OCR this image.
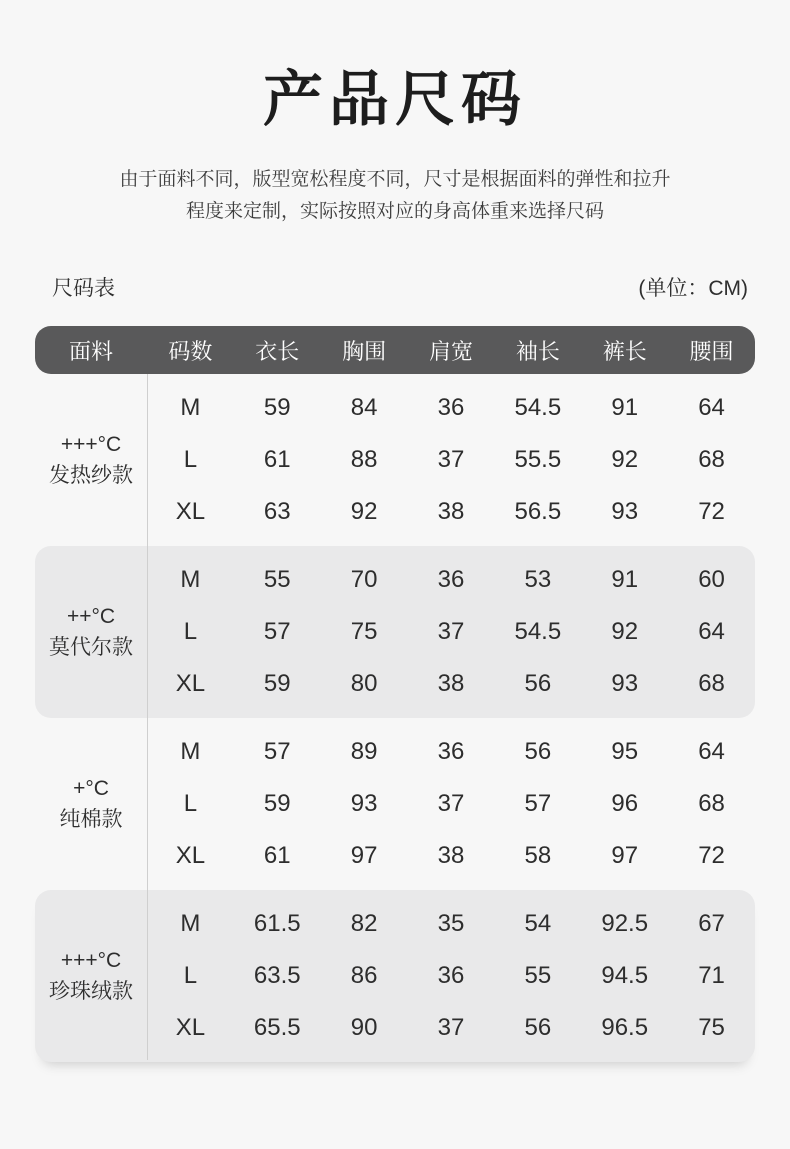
产品尺码

由于面料不同，版型宽松程度不同，尺寸是根据面料的弹性和拉升
程度来定制，实际按照对应的身高体重来选择尺码

尺码表	(单位：CM)
面料	码数	衣长	胸围	肩宽	袖长	裤长	腰围
+++°C
发热纱款
M	59	84	36	54.5	91	64
L	61	88	37	55.5	92	68
XL	63	92	38	56.5	93	72
++°C
莫代尔款
M	55	70	36	53	91	60
L	57	75	37	54.5	92	64
XL	59	80	38	56	93	68
+°C
纯棉款
M	57	89	36	56	95	64
L	59	93	37	57	96	68
XL	61	97	38	58	97	72
+++°C
珍珠绒款
M	61.5	82	35	54	92.5	67
L	63.5	86	36	55	94.5	71
XL	65.5	90	37	56	96.5	75
